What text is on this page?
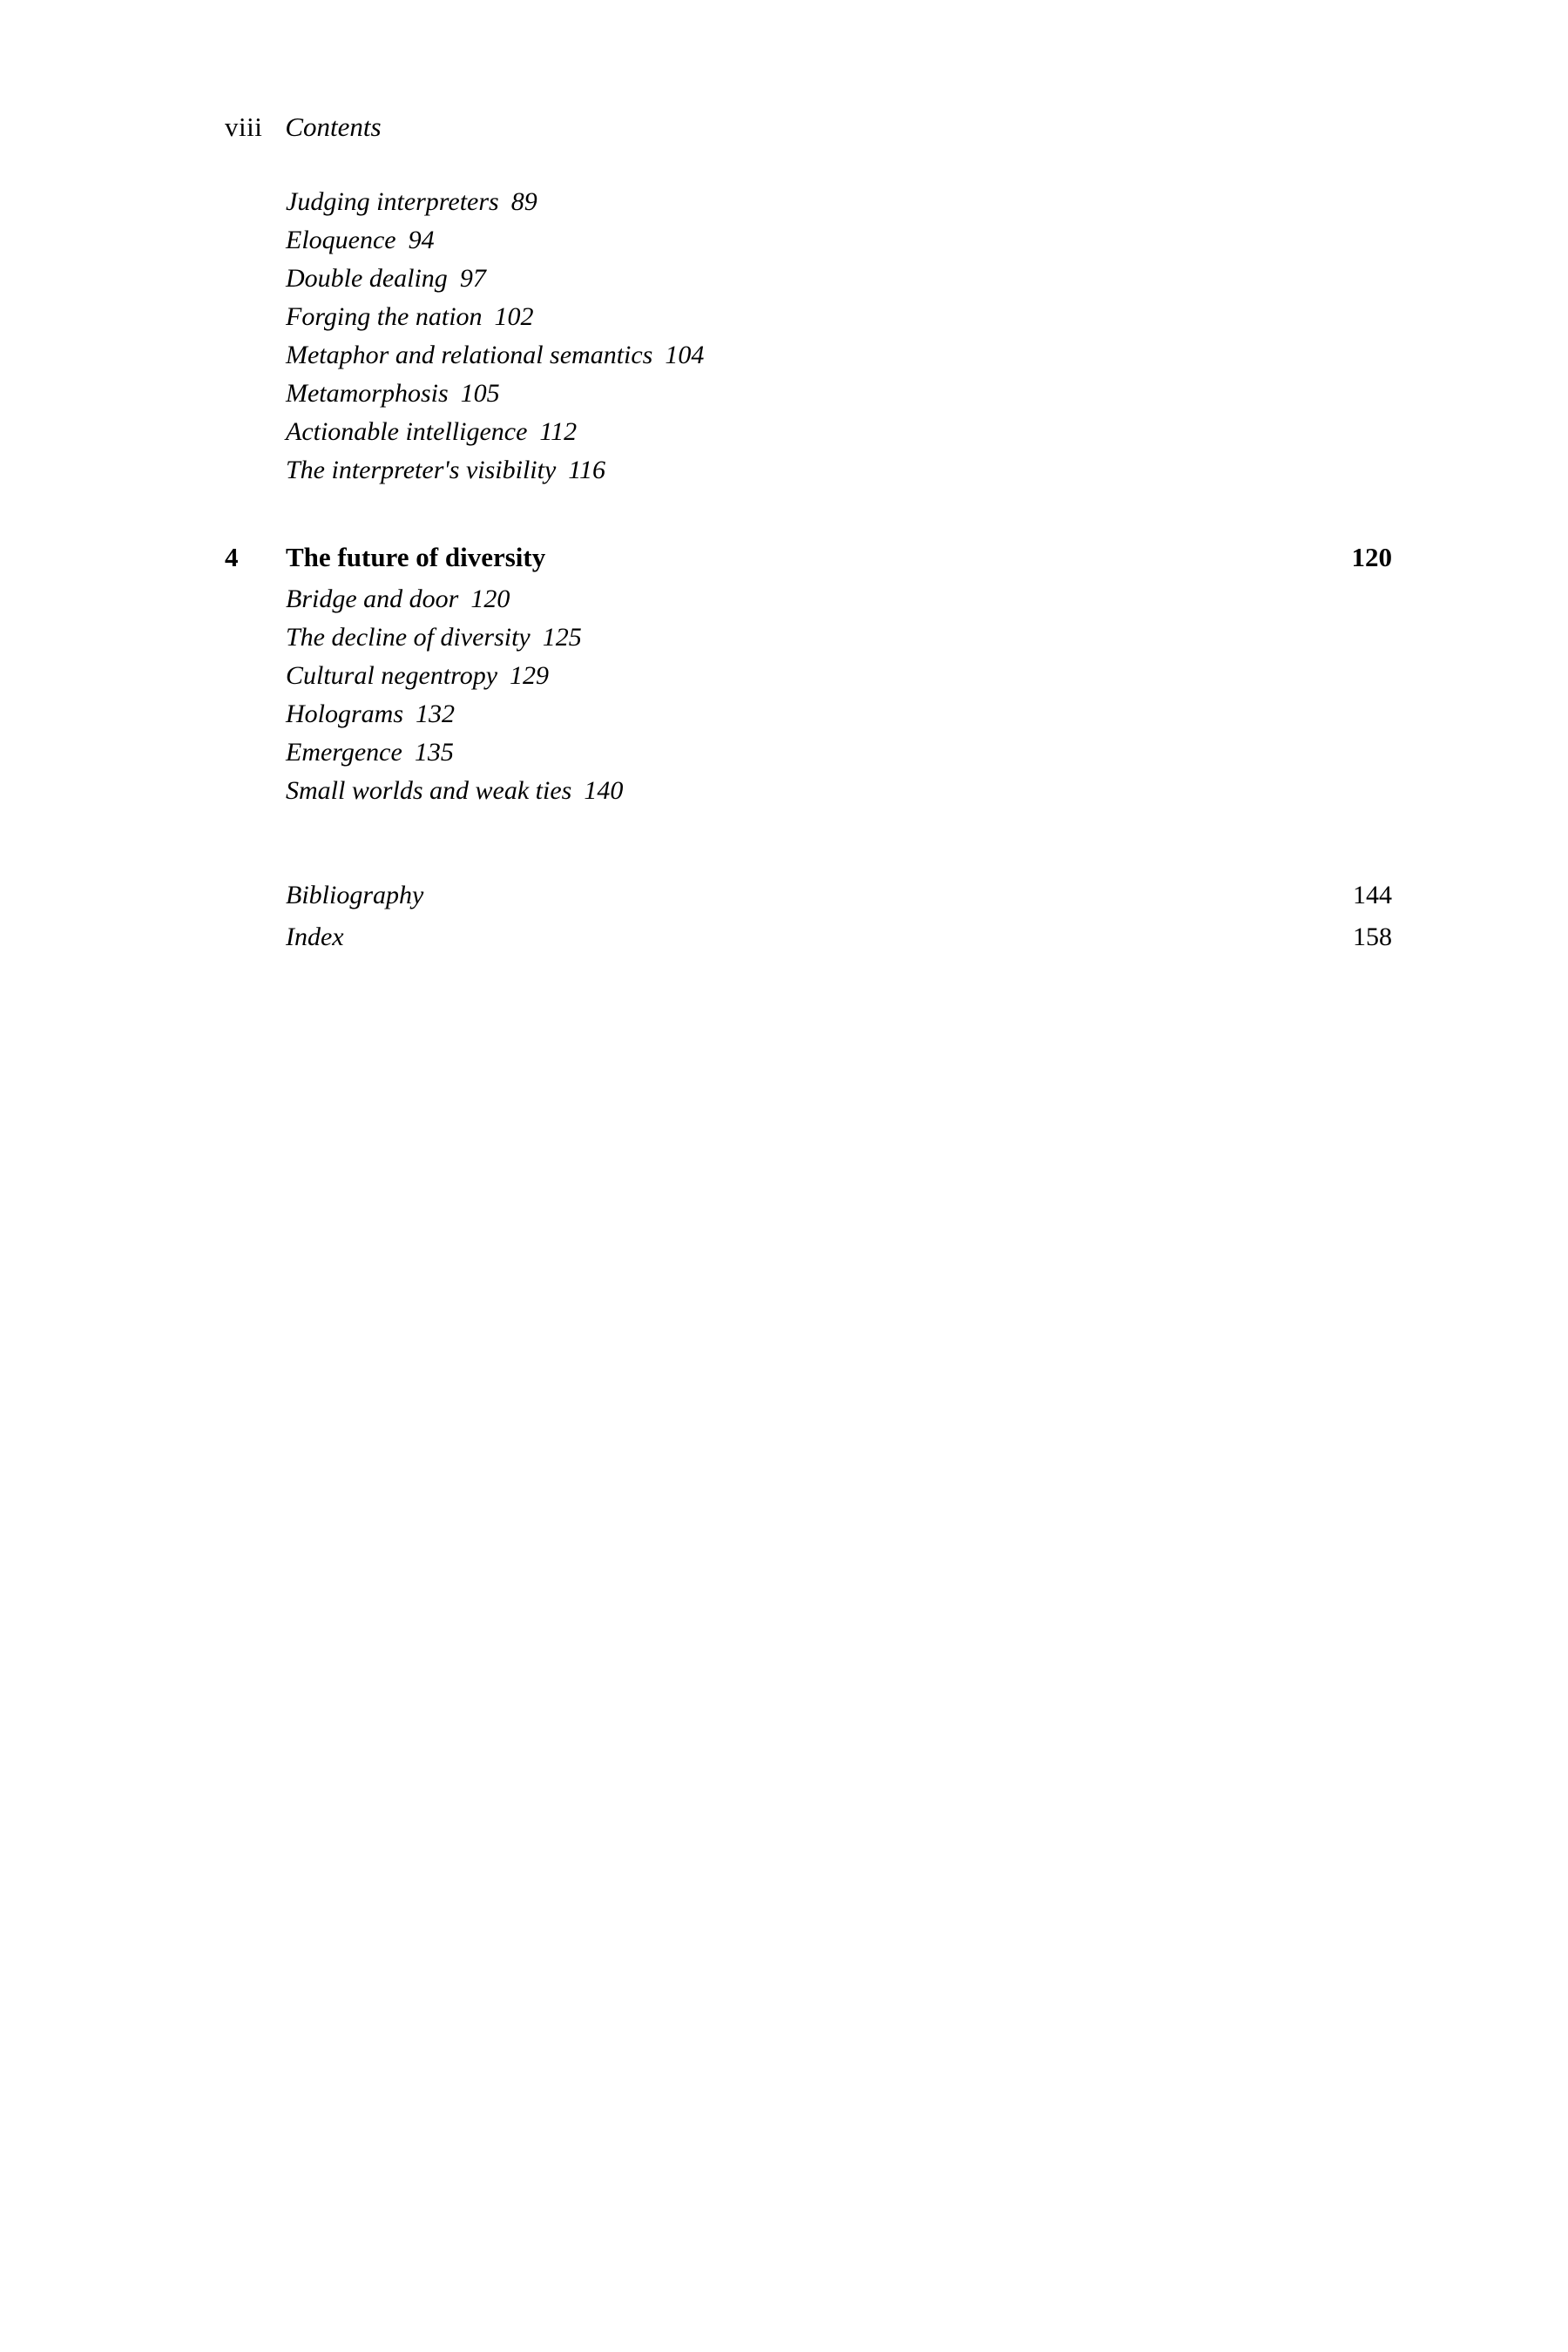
viii Contents
Judging interpreters 89
Eloquence 94
Double dealing 97
Forging the nation 102
Metaphor and relational semantics 104
Metamorphosis 105
Actionable intelligence 112
The interpreter's visibility 116
4	The future of diversity	120
Bridge and door 120
The decline of diversity 125
Cultural negentropy 129
Holograms 132
Emergence 135
Small worlds and weak ties 140
Bibliography	144
Index	158
